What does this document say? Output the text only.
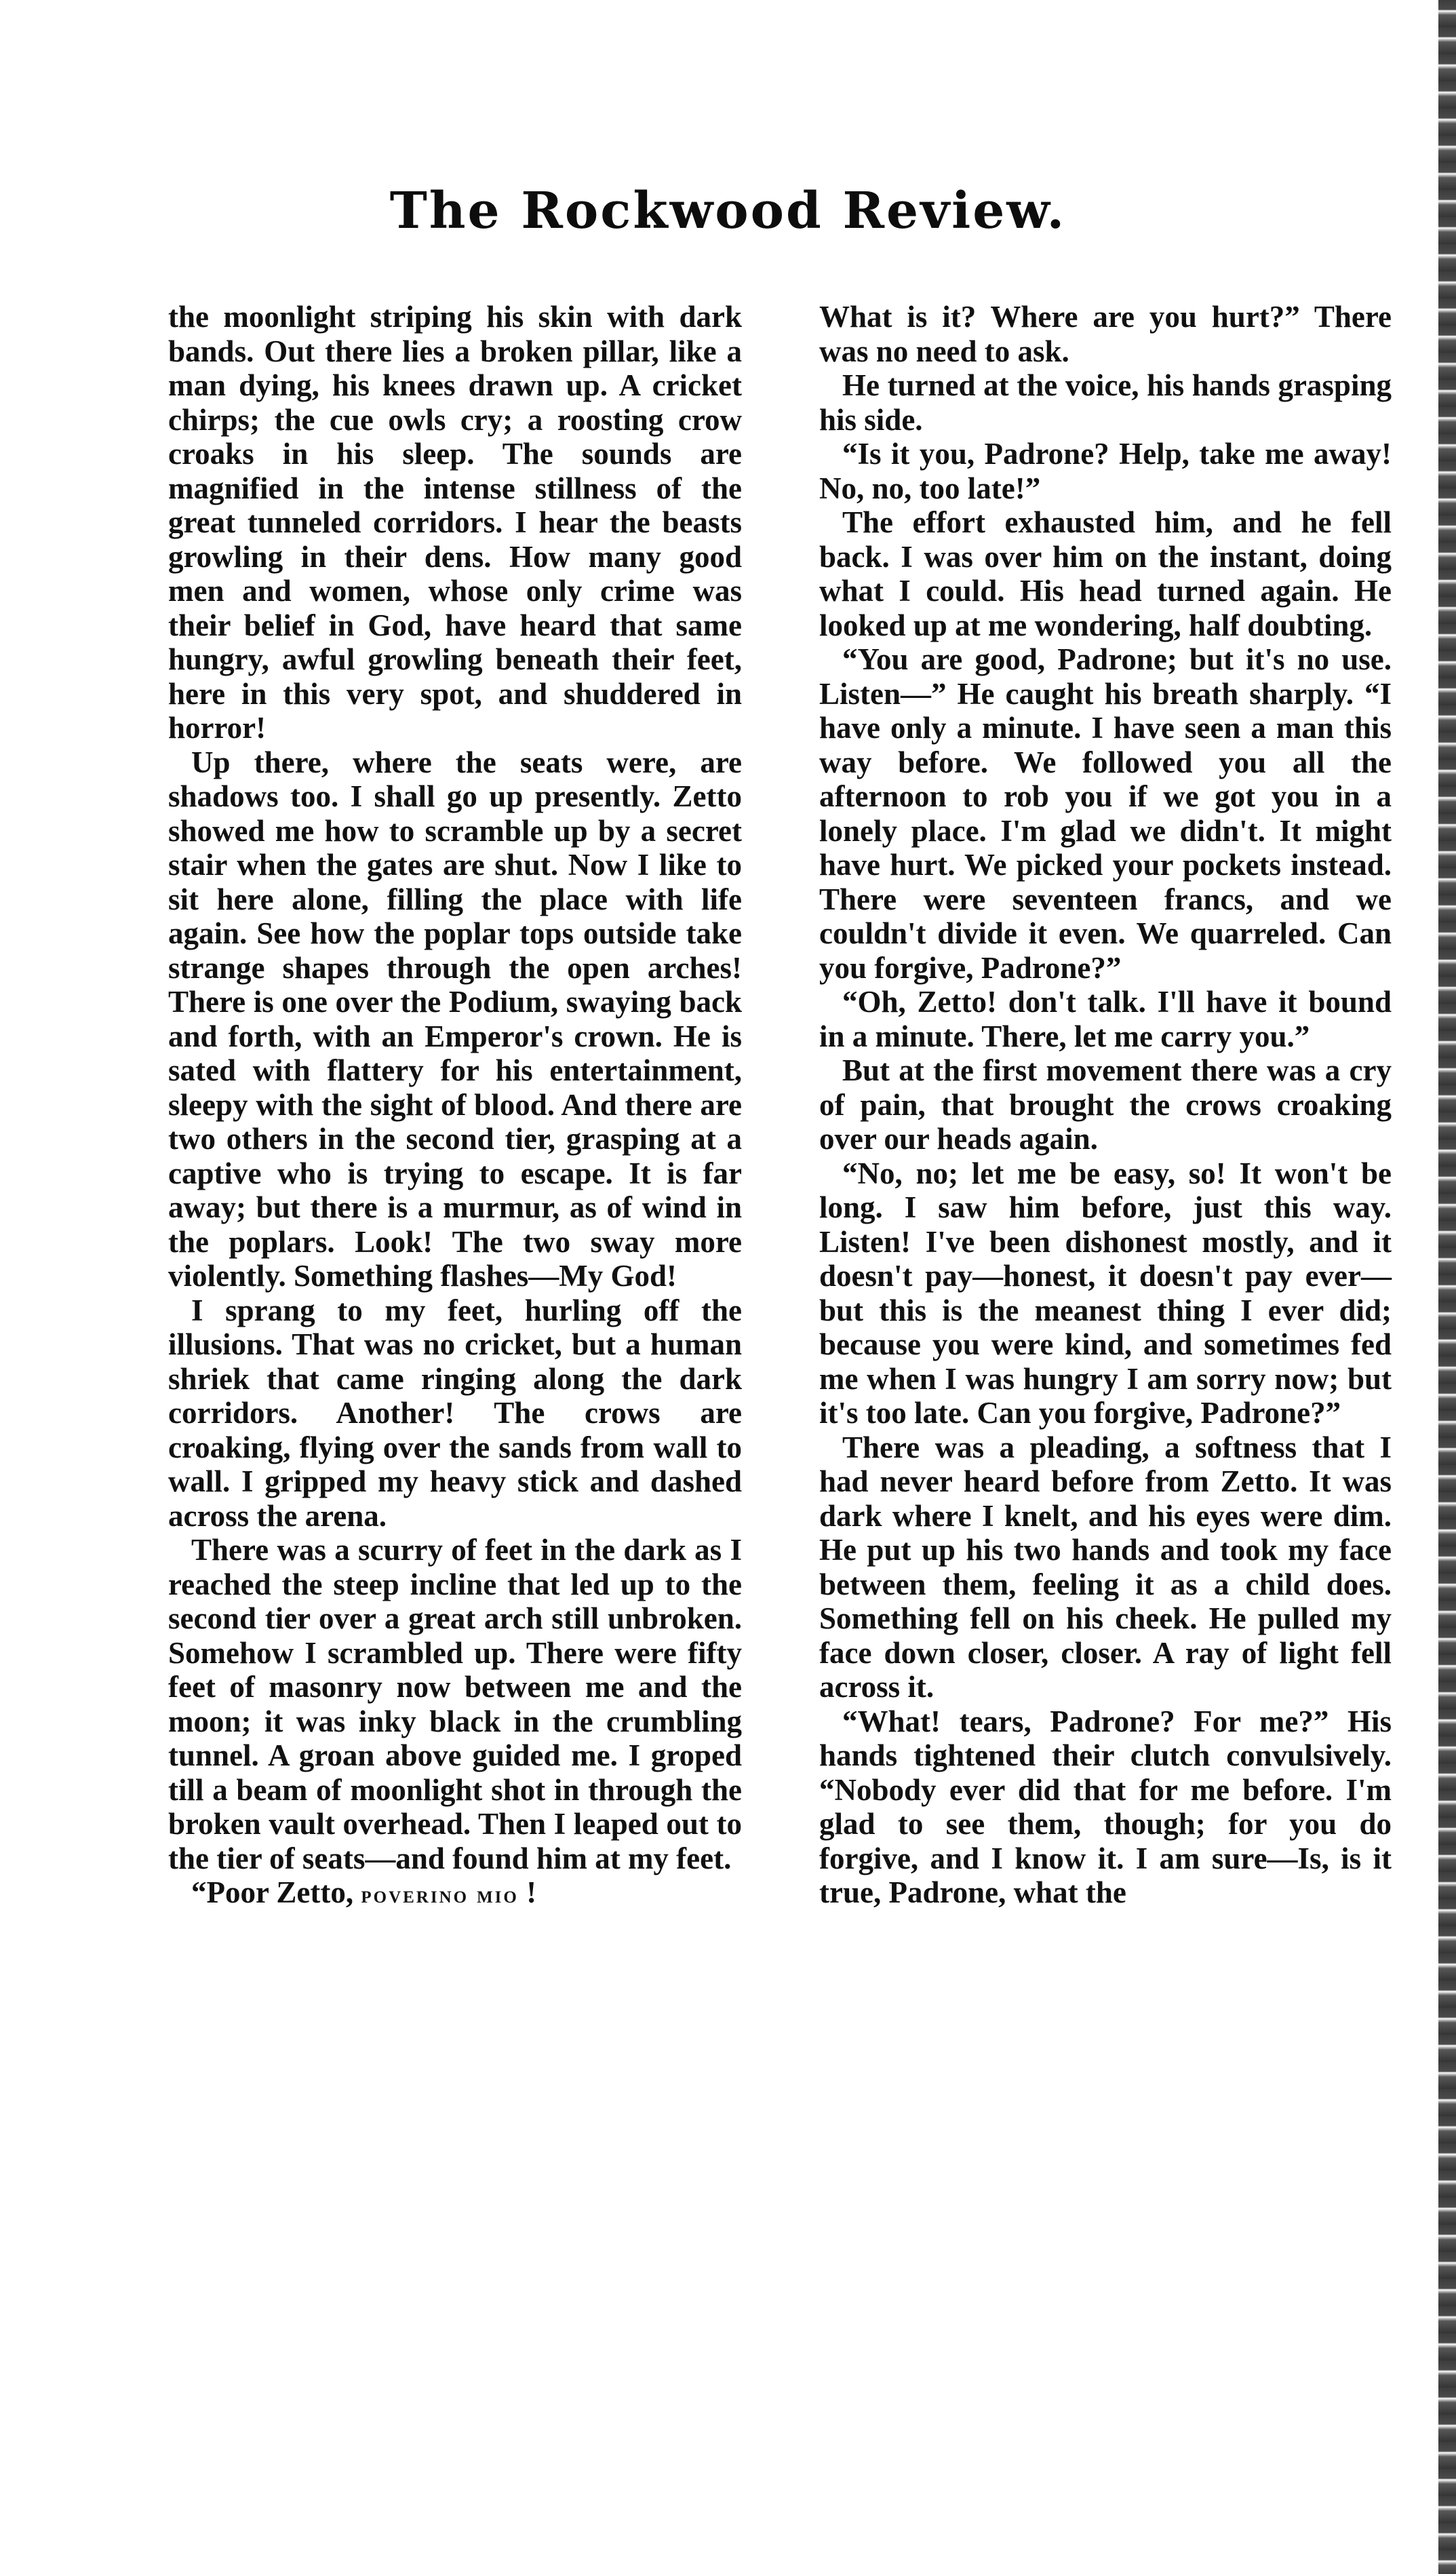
The Rockwood Review.

the moonlight striping his skin with dark bands. Out there lies a broken pillar, like a man dying, his knees drawn up. A cricket chirps; the cue owls cry; a roosting crow croaks in his sleep. The sounds are magnified in the intense stillness of the great tunneled corridors. I hear the beasts growling in their dens. How many good men and women, whose only crime was their belief in God, have heard that same hungry, awful growling beneath their feet, here in this very spot, and shuddered in horror!

Up there, where the seats were, are shadows too. I shall go up presently. Zetto showed me how to scramble up by a secret stair when the gates are shut. Now I like to sit here alone, filling the place with life again. See how the poplar tops outside take strange shapes through the open arches! There is one over the Podium, swaying back and forth, with an Emperor's crown. He is sated with flattery for his entertainment, sleepy with the sight of blood. And there are two others in the second tier, grasping at a captive who is trying to escape. It is far away; but there is a murmur, as of wind in the poplars. Look! The two sway more violently. Something flashes—My God!

I sprang to my feet, hurling off the illusions. That was no cricket, but a human shriek that came ringing along the dark corridors. Another! The crows are croaking, flying over the sands from wall to wall. I gripped my heavy stick and dashed across the arena.

There was a scurry of feet in the dark as I reached the steep incline that led up to the second tier over a great arch still unbroken. Somehow I scrambled up. There were fifty feet of masonry now between me and the moon; it was inky black in the crumbling tunnel. A groan above guided me. I groped till a beam of moonlight shot in through the broken vault overhead. Then I leaped out to the tier of seats—and found him at my feet.

“Poor Zetto, poverino mio !

What is it? Where are you hurt?” There was no need to ask.

He turned at the voice, his hands grasping his side.

“Is it you, Padrone? Help, take me away! No, no, too late!”

The effort exhausted him, and he fell back. I was over him on the instant, doing what I could. His head turned again. He looked up at me wondering, half doubting.

“You are good, Padrone; but it's no use. Listen—” He caught his breath sharply. “I have only a minute. I have seen a man this way before. We followed you all the afternoon to rob you if we got you in a lonely place. I'm glad we didn't. It might have hurt. We picked your pockets instead. There were seventeen francs, and we couldn't divide it even. We quarreled. Can you forgive, Padrone?”

“Oh, Zetto! don't talk. I'll have it bound in a minute. There, let me carry you.”

But at the first movement there was a cry of pain, that brought the crows croaking over our heads again.

“No, no; let me be easy, so! It won't be long. I saw him before, just this way. Listen! I've been dishonest mostly, and it doesn't pay—honest, it doesn't pay ever—but this is the meanest thing I ever did; because you were kind, and sometimes fed me when I was hungry I am sorry now; but it's too late. Can you forgive, Padrone?”

There was a pleading, a softness that I had never heard before from Zetto. It was dark where I knelt, and his eyes were dim. He put up his two hands and took my face between them, feeling it as a child does. Something fell on his cheek. He pulled my face down closer, closer. A ray of light fell across it.

“What! tears, Padrone? For me?” His hands tightened their clutch convulsively. “Nobody ever did that for me before. I'm glad to see them, though; for you do forgive, and I know it. I am sure—Is, is it true, Padrone, what the
